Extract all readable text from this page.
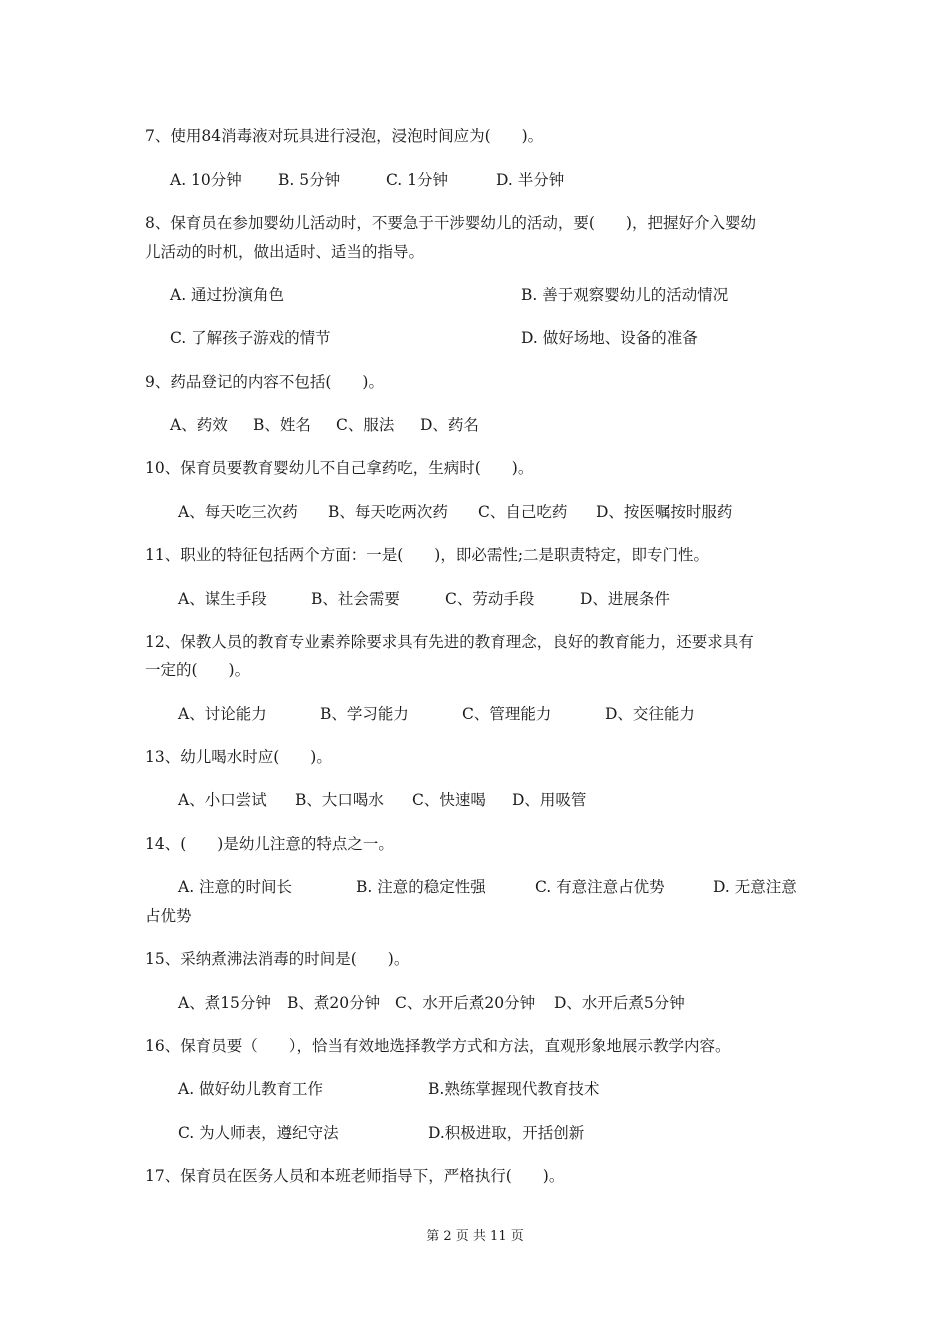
7、使用84消毒液对玩具进行浸泡，浸泡时间应为(　　)。
A. 10分钟 B. 5分钟	C. 1分钟	D. 半分钟
8、保育员在参加婴幼儿活动时，不要急于干涉婴幼儿的活动，要(　　)，把握好介入婴幼
儿活动的时机，做出适时、适当的指导。
A. 通过扮演角色	B. 善于观察婴幼儿的活动情况
C. 了解孩子游戏的情节	D. 做好场地、设备的准备
9、药品登记的内容不包括(　　)。
A、药效 B、姓名 C、服法 D、药名
10、保育员要教育婴幼儿不自己拿药吃，生病时(　　)。
A、每天吃三次药 B、每天吃两次药 C、自己吃药 D、按医嘱按时服药
11、职业的特征包括两个方面：一是(　　)，即必需性;二是职责特定，即专门性。
A、谋生手段	B、社会需要	C、劳动手段	D、进展条件
12、保教人员的教育专业素养除要求具有先进的教育理念，良好的教育能力，还要求具有
一定的(　　)。
A、讨论能力	B、学习能力	C、管理能力	D、交往能力
13、幼儿喝水时应(　　)。
A、小口尝试 B、大口喝水 C、快速喝 D、用吸管
14、(　　)是幼儿注意的特点之一。
A. 注意的时间长	B. 注意的稳定性强	C. 有意注意占优势	D. 无意注意
占优势
15、采纳煮沸法消毒的时间是(　　)。
A、煮15分钟 B、煮20分钟 C、水开后煮20分钟 D、水开后煮5分钟
16、保育员要（　　），恰当有效地选择教学方式和方法，直观形象地展示教学内容。
A. 做好幼儿教育工作	B.熟练掌握现代教育技术
C. 为人师表，遵纪守法	D.积极进取，开括创新
17、保育员在医务人员和本班老师指导下，严格执行(　　)。
第 2 页 共 11 页
